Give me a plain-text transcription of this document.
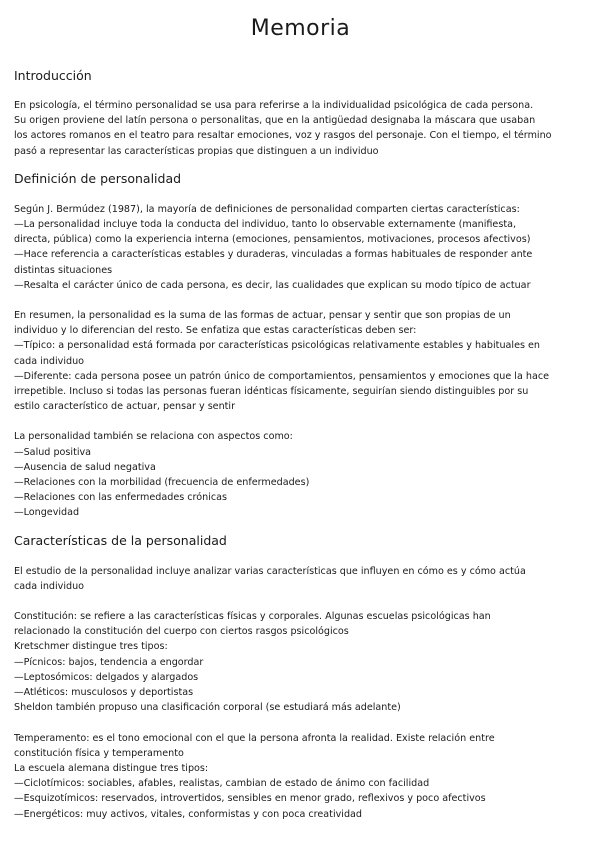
Memoria
Introducción
En psicología, el término personalidad se usa para referirse a la individualidad psicológica de cada persona.
Su origen proviene del latín persona o personalitas, que en la antigüedad designaba la máscara que usaban
los actores romanos en el teatro para resaltar emociones, voz y rasgos del personaje. Con el tiempo, el término
pasó a representar las características propias que distinguen a un individuo
Definición de personalidad
Según J. Bermúdez (1987), la mayoría de definiciones de personalidad comparten ciertas características:
—La personalidad incluye toda la conducta del individuo, tanto lo observable externamente (manifiesta,
directa, pública) como la experiencia interna (emociones, pensamientos, motivaciones, procesos afectivos)
—Hace referencia a características estables y duraderas, vinculadas a formas habituales de responder ante
distintas situaciones
—Resalta el carácter único de cada persona, es decir, las cualidades que explican su modo típico de actuar
En resumen, la personalidad es la suma de las formas de actuar, pensar y sentir que son propias de un
individuo y lo diferencian del resto. Se enfatiza que estas características deben ser:
—Típico: a personalidad está formada por características psicológicas relativamente estables y habituales en
cada individuo
—Diferente: cada persona posee un patrón único de comportamientos, pensamientos y emociones que la hace
irrepetible. Incluso si todas las personas fueran idénticas físicamente, seguirían siendo distinguibles por su
estilo característico de actuar, pensar y sentir
La personalidad también se relaciona con aspectos como:
—Salud positiva
—Ausencia de salud negativa
—Relaciones con la morbilidad (frecuencia de enfermedades)
—Relaciones con las enfermedades crónicas
—Longevidad
Características de la personalidad
El estudio de la personalidad incluye analizar varias características que influyen en cómo es y cómo actúa
cada individuo
Constitución: se refiere a las características físicas y corporales. Algunas escuelas psicológicas han
relacionado la constitución del cuerpo con ciertos rasgos psicológicos
Kretschmer distingue tres tipos:
—Pícnicos: bajos, tendencia a engordar
—Leptosómicos: delgados y alargados
—Atléticos: musculosos y deportistas
Sheldon también propuso una clasificación corporal (se estudiará más adelante)
Temperamento: es el tono emocional con el que la persona afronta la realidad. Existe relación entre
constitución física y temperamento
La escuela alemana distingue tres tipos:
—Ciclotímicos: sociables, afables, realistas, cambian de estado de ánimo con facilidad
—Esquizotímicos: reservados, introvertidos, sensibles en menor grado, reflexivos y poco afectivos
—Energéticos: muy activos, vitales, conformistas y con poca creatividad
